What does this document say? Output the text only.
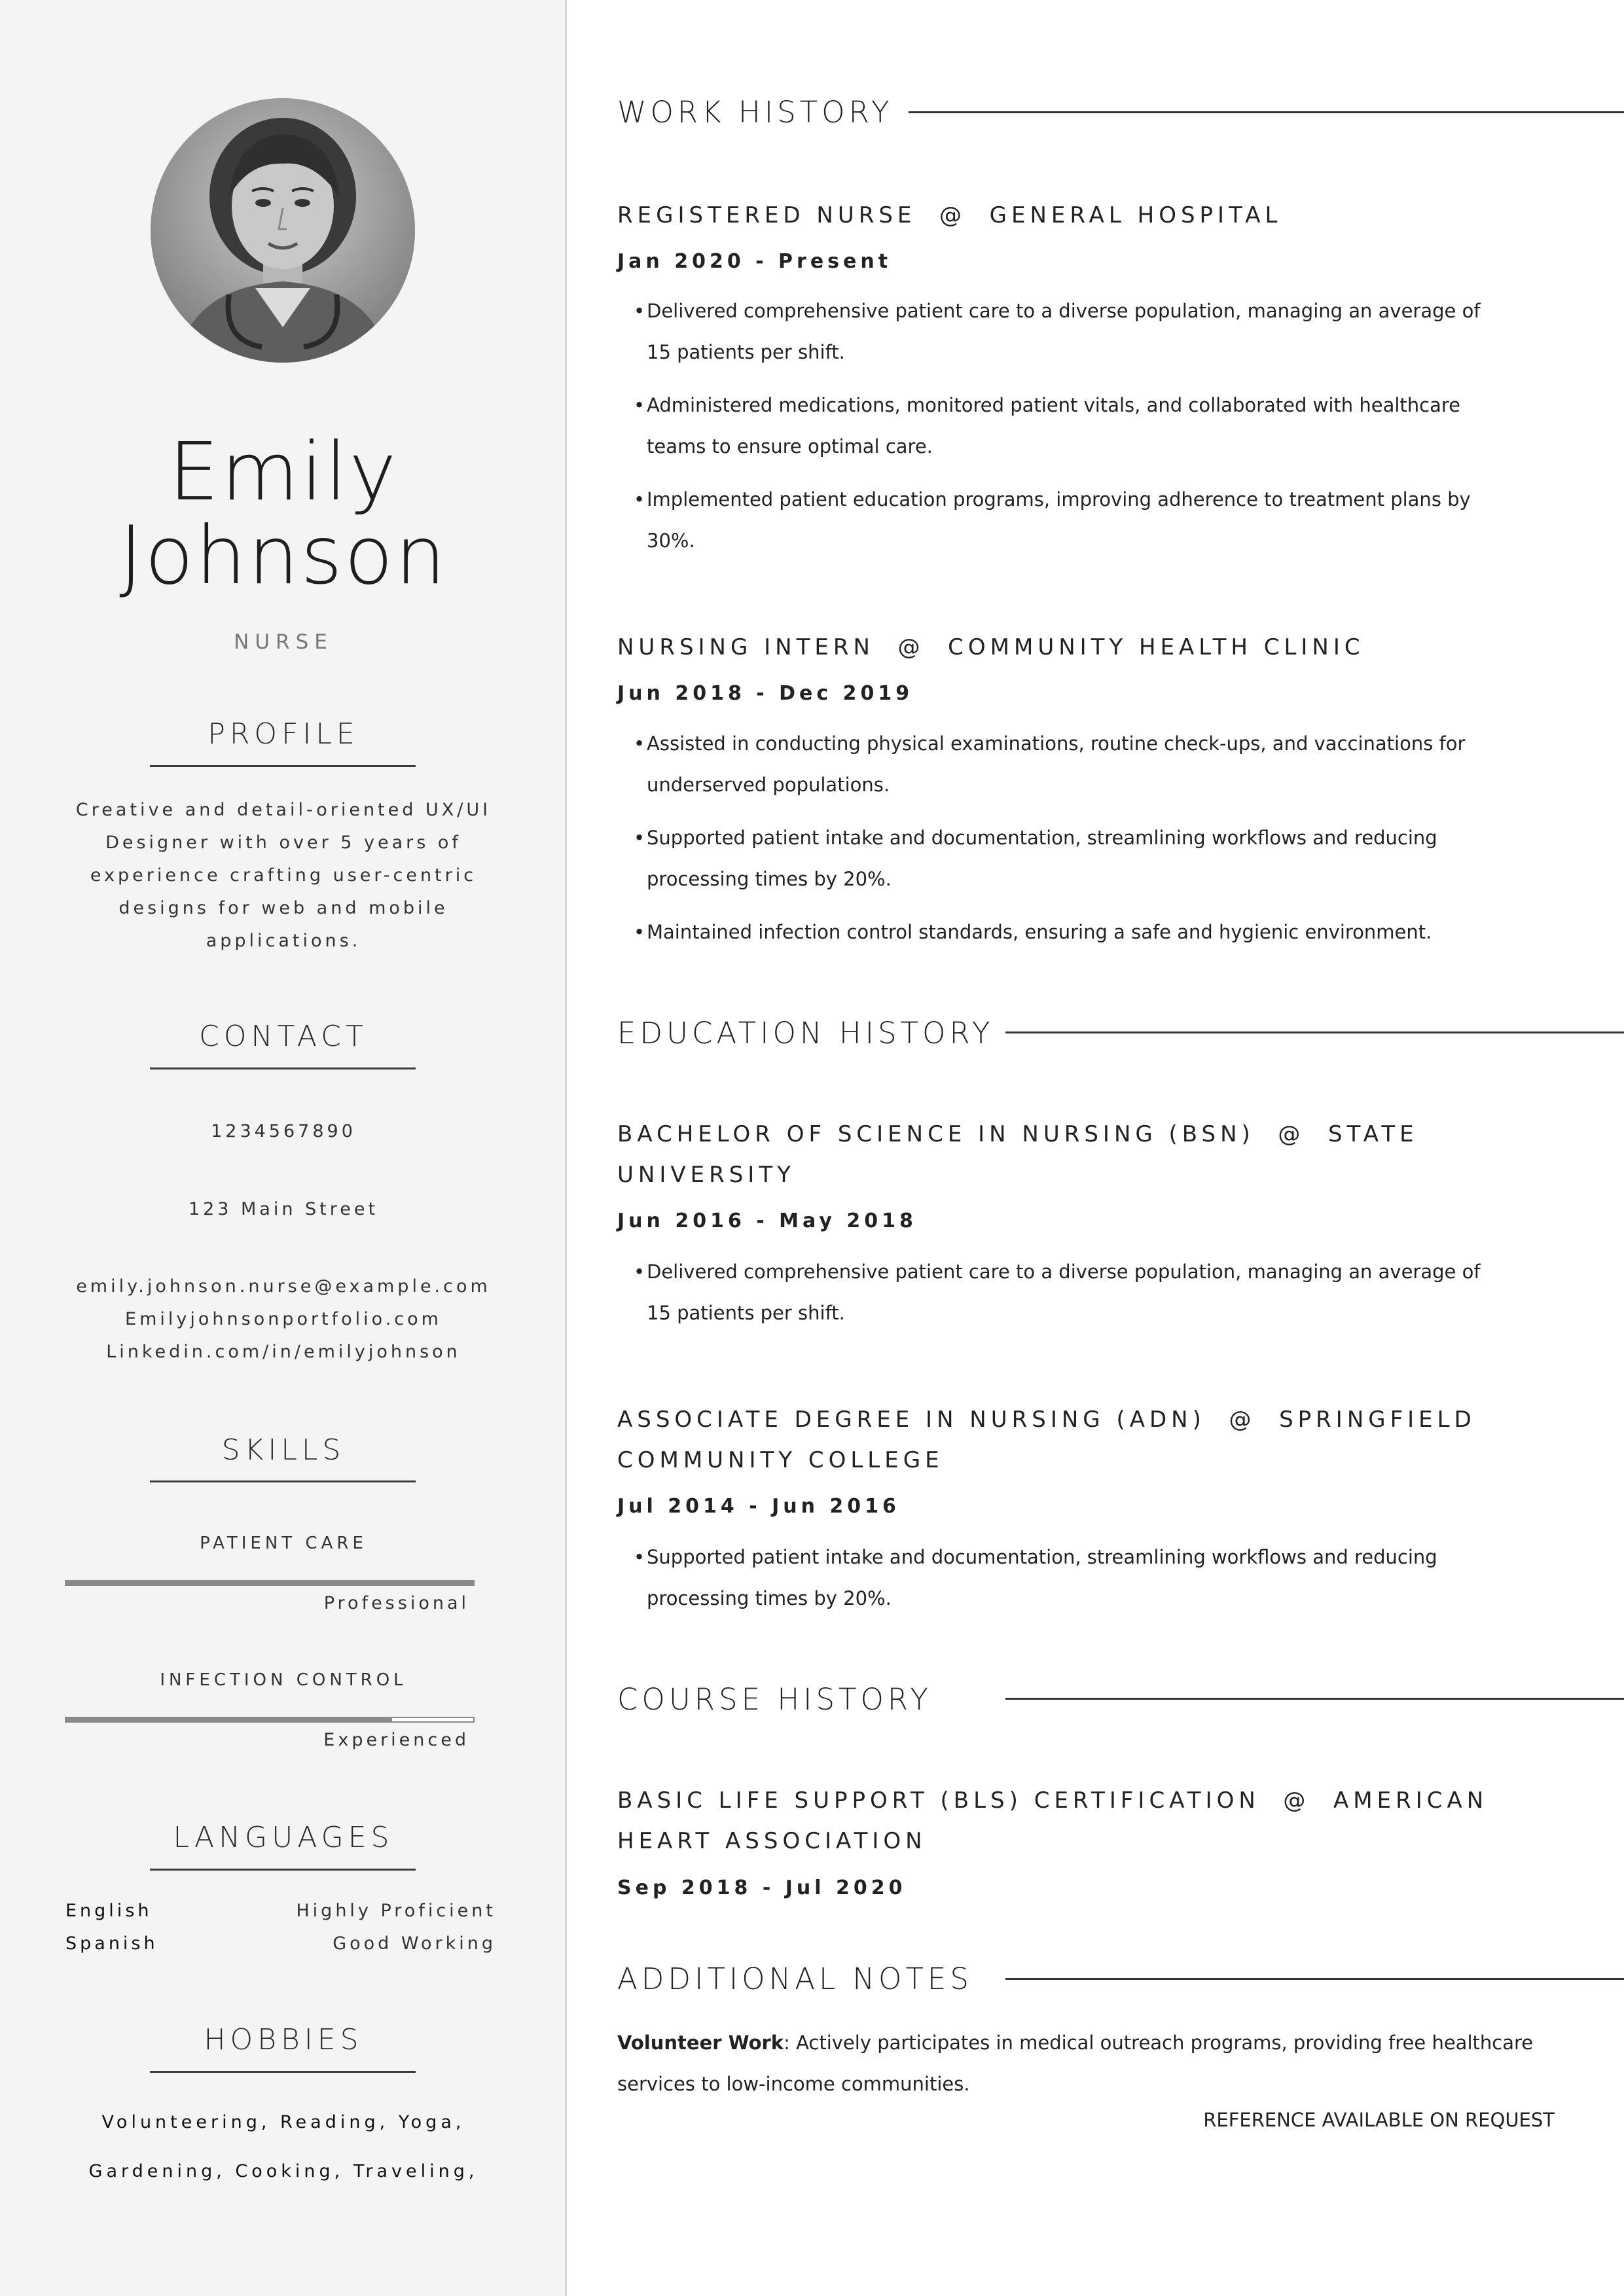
Emily
Johnson
NURSE
PROFILE
Creative and detail-oriented UX/UI Designer with over 5 years of experience crafting user-centric designs for web and mobile applications.
CONTACT
1234567890
123 Main Street
emily.johnson.nurse@example.com
Emilyjohnsonportfolio.com
Linkedin.com/in/emilyjohnson
SKILLS
PATIENT CARE
Professional
INFECTION CONTROL
Experienced
LANGUAGES
English	Highly Proficient
Spanish	Good Working
HOBBIES
Volunteering, Reading, Yoga,
Gardening, Cooking, Traveling,
WORK HISTORY
REGISTERED NURSE  @  GENERAL HOSPITAL
Jan 2020 - Present
• Delivered comprehensive patient care to a diverse population, managing an average of 15 patients per shift.
• Administered medications, monitored patient vitals, and collaborated with healthcare teams to ensure optimal care.
• Implemented patient education programs, improving adherence to treatment plans by 30%.
NURSING INTERN  @  COMMUNITY HEALTH CLINIC
Jun 2018 - Dec 2019
• Assisted in conducting physical examinations, routine check-ups, and vaccinations for underserved populations.
• Supported patient intake and documentation, streamlining workflows and reducing processing times by 20%.
• Maintained infection control standards, ensuring a safe and hygienic environment.
EDUCATION HISTORY
BACHELOR OF SCIENCE IN NURSING (BSN)  @  STATE UNIVERSITY
Jun 2016 - May 2018
• Delivered comprehensive patient care to a diverse population, managing an average of 15 patients per shift.
ASSOCIATE DEGREE IN NURSING (ADN)  @  SPRINGFIELD COMMUNITY COLLEGE
Jul 2014 - Jun 2016
• Supported patient intake and documentation, streamlining workflows and reducing processing times by 20%.
COURSE HISTORY
BASIC LIFE SUPPORT (BLS) CERTIFICATION  @  AMERICAN HEART ASSOCIATION
Sep 2018 - Jul 2020
ADDITIONAL NOTES
Volunteer Work: Actively participates in medical outreach programs, providing free healthcare services to low-income communities.
REFERENCE AVAILABLE ON REQUEST
